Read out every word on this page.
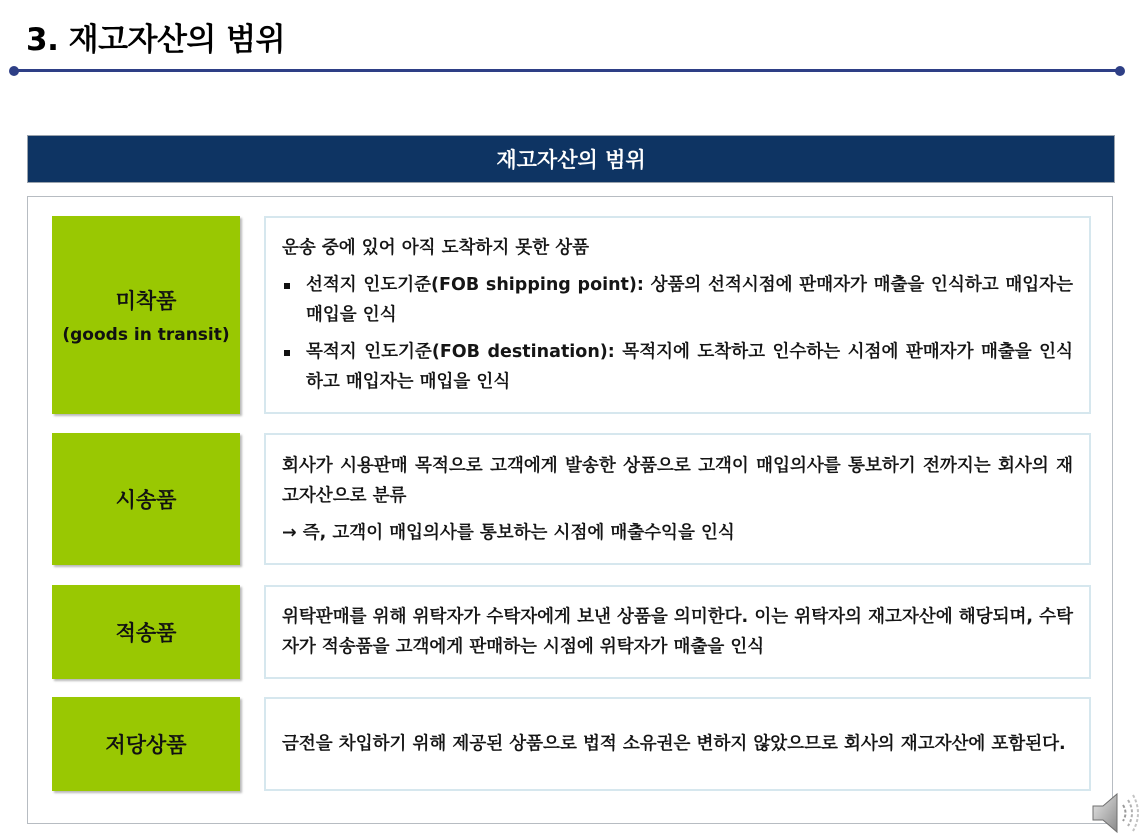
3. 재고자산의 범위
재고자산의 범위
미착품
(goods in transit)

운송 중에 있어 아직 도착하지 못한 상품

선적지 인도기준(FOB shipping point): 상품의 선적시점에 판매자가 매출을 인식하고 매입자는 매입을 인식

목적지 인도기준(FOB destination): 목적지에 도착하고 인수하는 시점에 판매자가 매출을 인식하고 매입자는 매입을 인식

시송품

회사가 시용판매 목적으로 고객에게 발송한 상품으로 고객이 매입의사를 통보하기 전까지는 회사의 재고자산으로 분류

→ 즉, 고객이 매입의사를 통보하는 시점에 매출수익을 인식

적송품

위탁판매를 위해 위탁자가 수탁자에게 보낸 상품을 의미한다. 이는 위탁자의 재고자산에 해당되며, 수탁자가 적송품을 고객에게 판매하는 시점에 위탁자가 매출을 인식

저당상품	금전을 차입하기 위해 제공된 상품으로 법적 소유권은 변하지 않았으므로 회사의 재고자산에 포함된다.
